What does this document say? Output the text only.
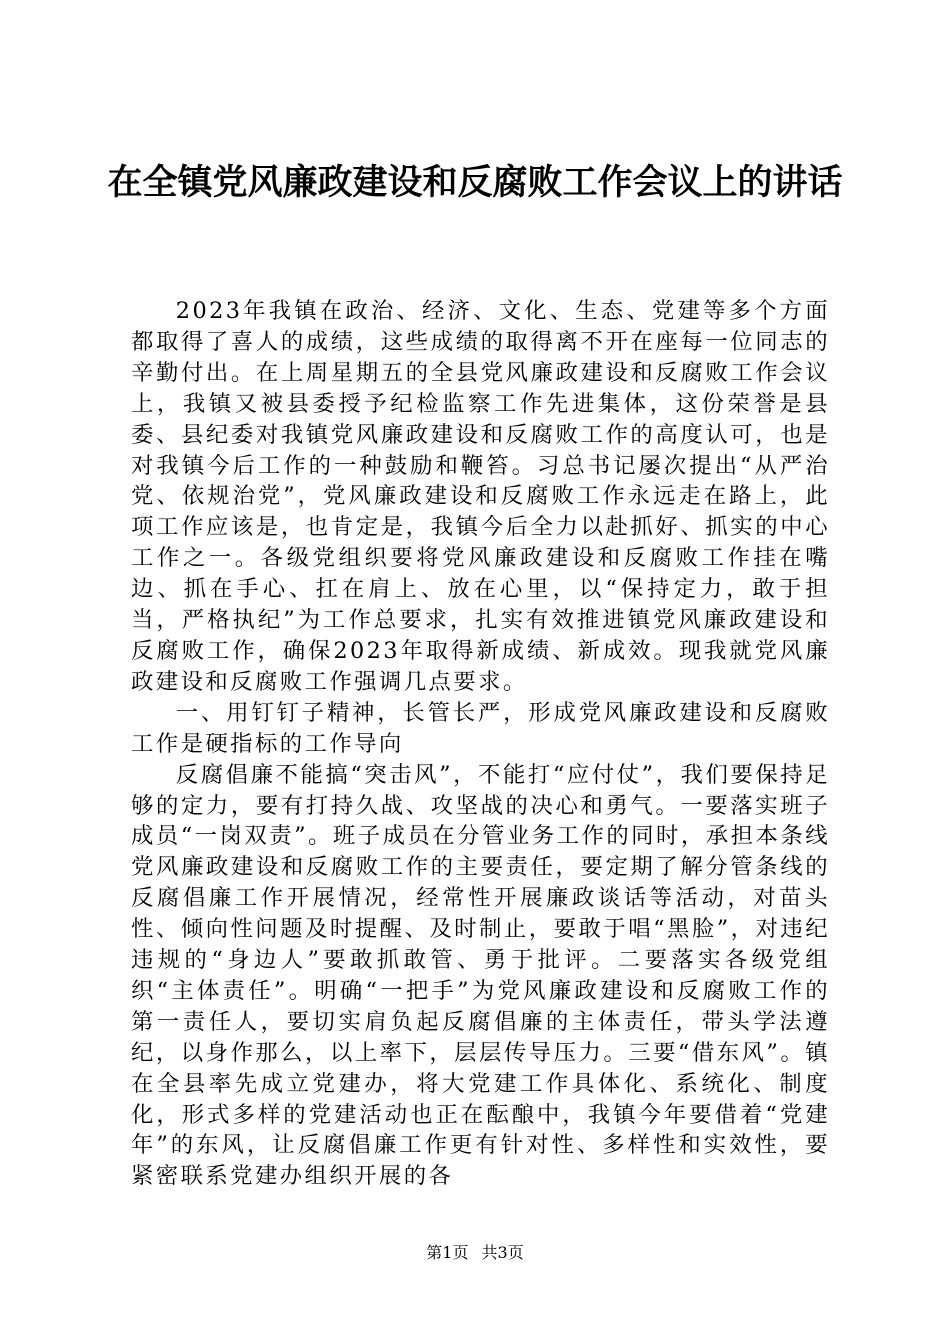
在全镇党风廉政建设和反腐败工作会议上的讲话

2023年我镇在政治、经济、文化、生态、党建等多个方面都取得了喜人的成绩，这些成绩的取得离不开在座每一位同志的辛勤付出。在上周星期五的全县党风廉政建设和反腐败工作会议上，我镇又被县委授予纪检监察工作先进集体，这份荣誉是县委、县纪委对我镇党风廉政建设和反腐败工作的高度认可，也是对我镇今后工作的一种鼓励和鞭笞。习总书记屡次提出“从严治党、依规治党”，党风廉政建设和反腐败工作永远走在路上，此项工作应该是，也肯定是，我镇今后全力以赴抓好、抓实的中心工作之一。各级党组织要将党风廉政建设和反腐败工作挂在嘴边、抓在手心、扛在肩上、放在心里，以“保持定力，敢于担当，严格执纪”为工作总要求，扎实有效推进镇党风廉政建设和反腐败工作，确保2023年取得新成绩、新成效。现我就党风廉政建设和反腐败工作强调几点要求。

一、用钉钉子精神，长管长严，形成党风廉政建设和反腐败工作是硬指标的工作导向

反腐倡廉不能搞“突击风”，不能打“应付仗”，我们要保持足够的定力，要有打持久战、攻坚战的决心和勇气。一要落实班子成员“一岗双责”。班子成员在分管业务工作的同时，承担本条线党风廉政建设和反腐败工作的主要责任，要定期了解分管条线的反腐倡廉工作开展情况，经常性开展廉政谈话等活动，对苗头性、倾向性问题及时提醒、及时制止，要敢于唱“黑脸”，对违纪违规的“身边人”要敢抓敢管、勇于批评。二要落实各级党组织“主体责任”。明确“一把手”为党风廉政建设和反腐败工作的第一责任人，要切实肩负起反腐倡廉的主体责任，带头学法遵纪，以身作那么，以上率下，层层传导压力。三要“借东风”。镇在全县率先成立党建办，将大党建工作具体化、系统化、制度化，形式多样的党建活动也正在酝酿中，我镇今年要借着“党建年”的东风，让反腐倡廉工作更有针对性、多样性和实效性，要紧密联系党建办组织开展的各

第1页 共3页
